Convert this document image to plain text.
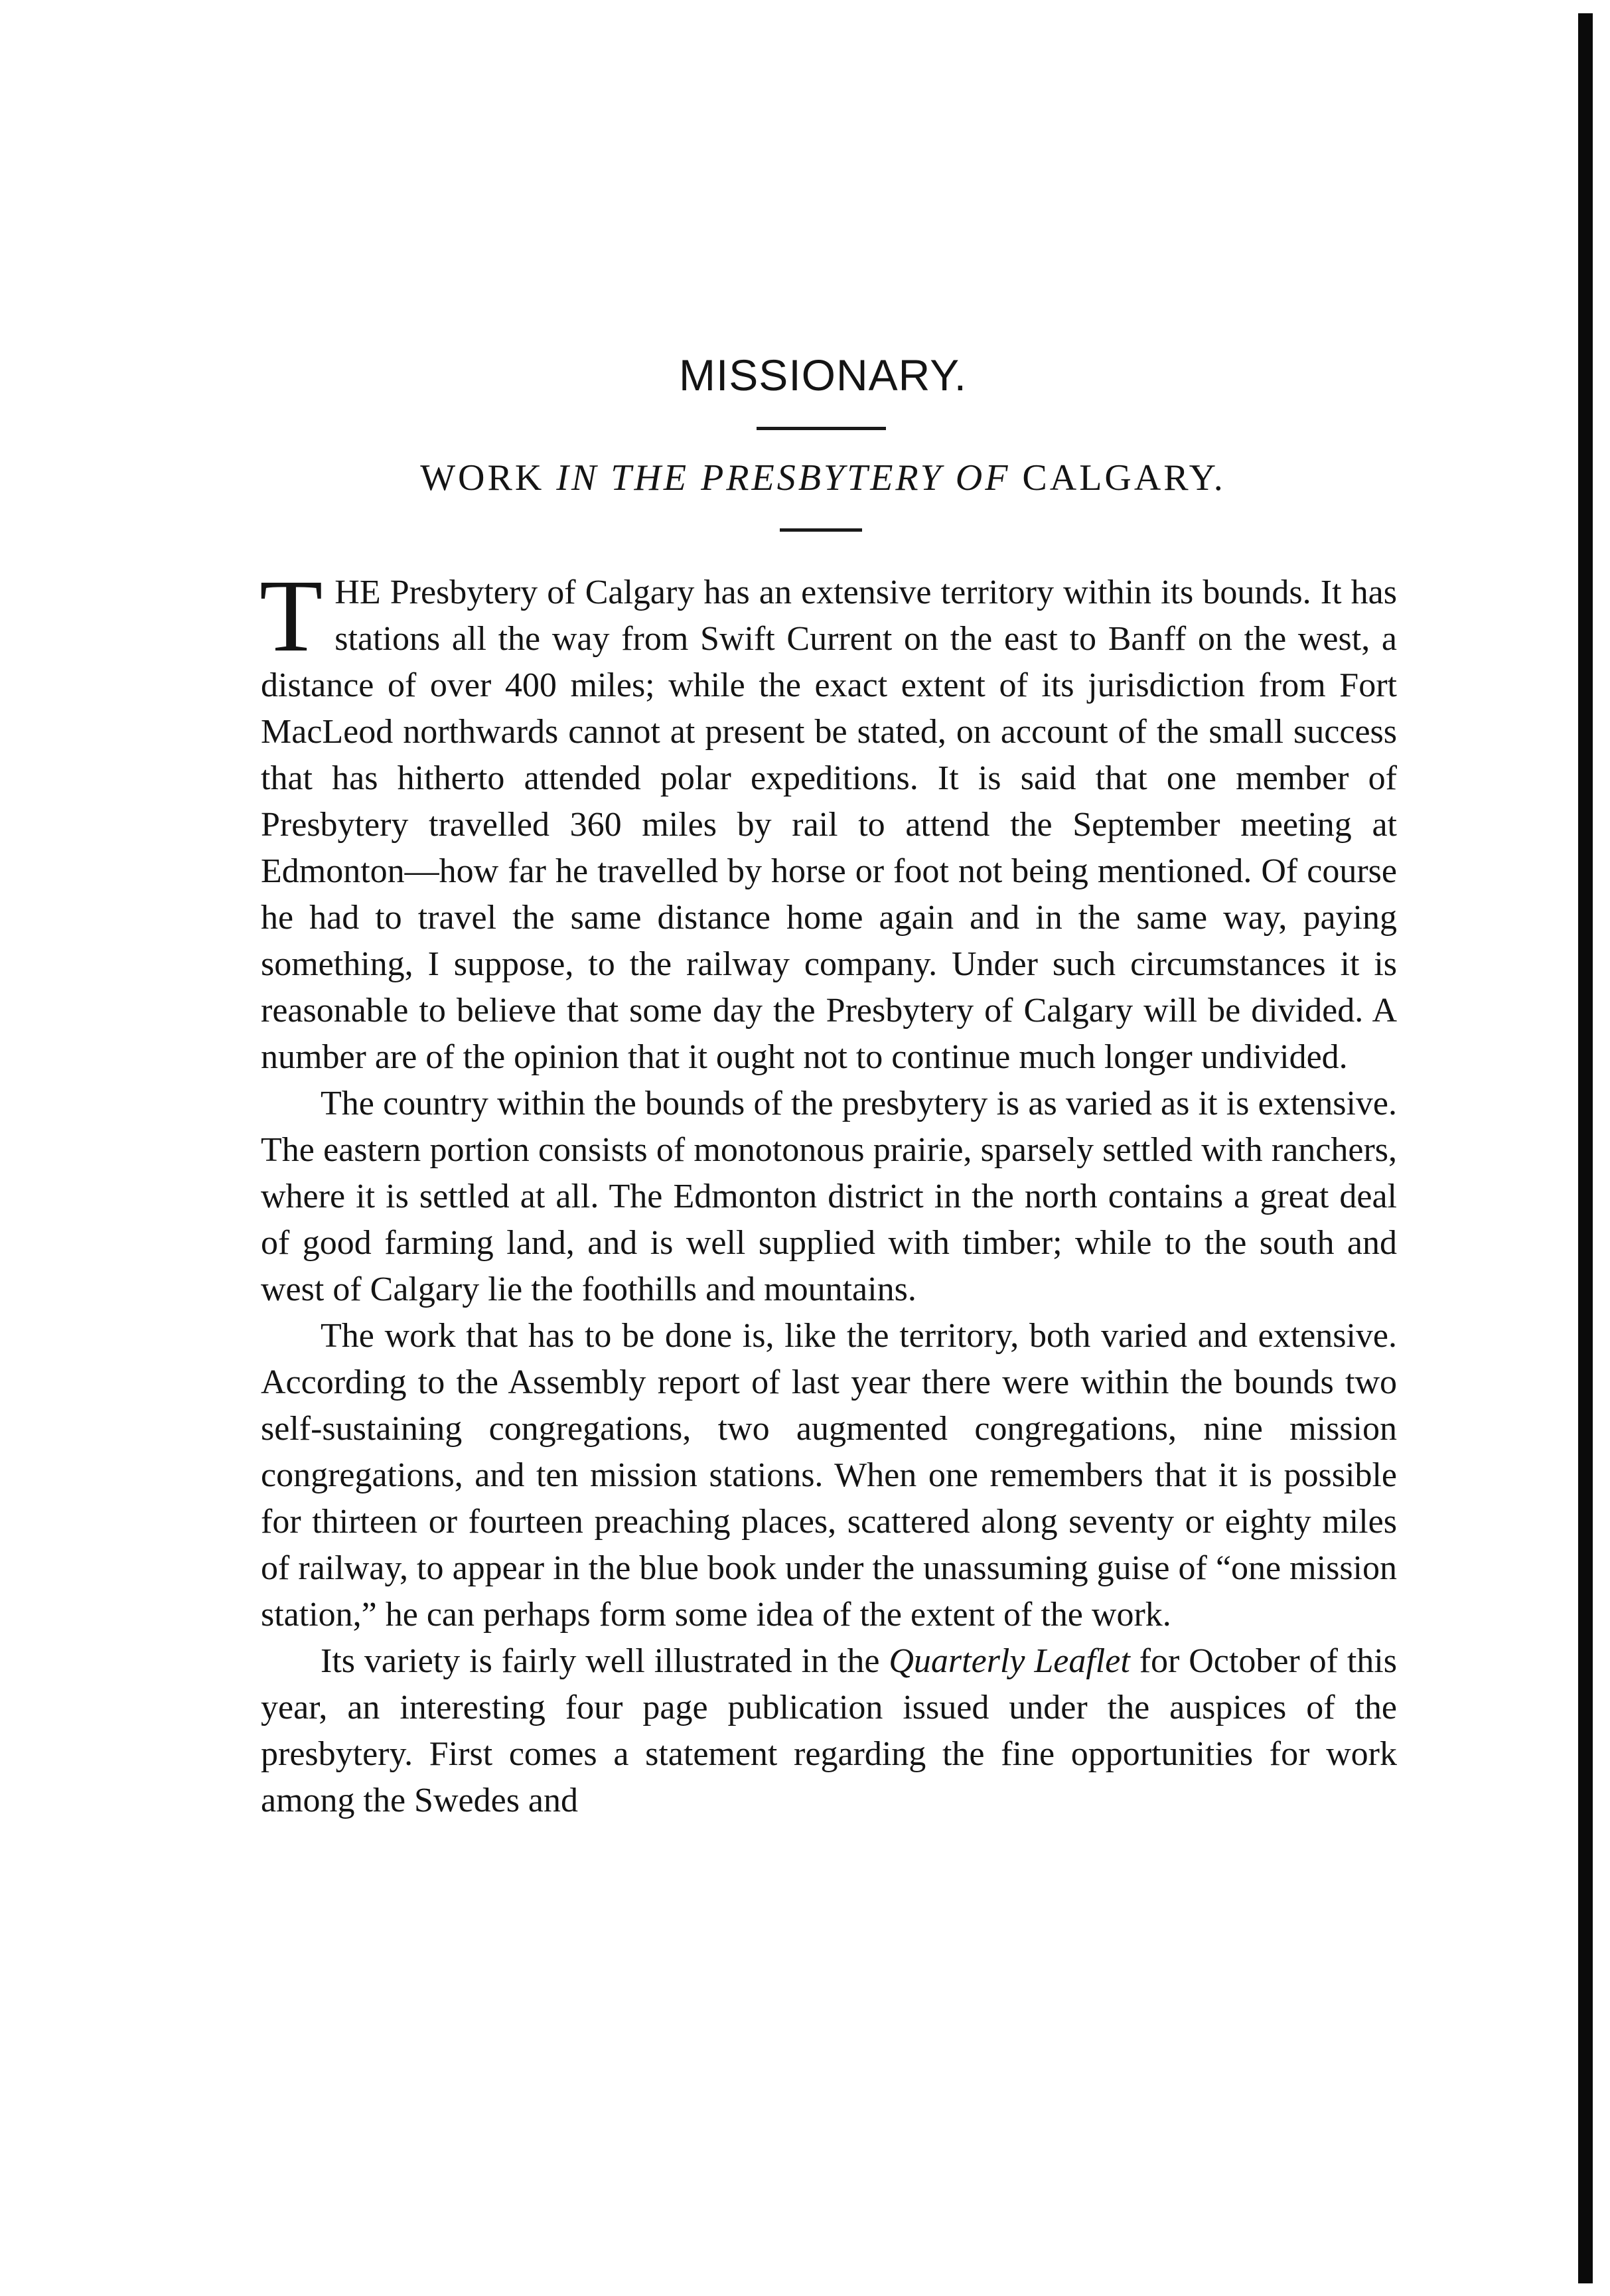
MISSIONARY.
WORK IN THE PRESBYTERY OF CALGARY.

THE Presbytery of Calgary has an extensive territory within its bounds. It has stations all the way from Swift Current on the east to Banff on the west, a distance of over 400 miles; while the exact extent of its jurisdiction from Fort MacLeod northwards cannot at present be stated, on account of the small success that has hitherto attended polar expeditions. It is said that one member of Presbytery travelled 360 miles by rail to attend the September meeting at Edmonton—how far he travelled by horse or foot not being mentioned. Of course he had to travel the same distance home again and in the same way, paying something, I suppose, to the railway company. Under such circumstances it is reasonable to believe that some day the Presbytery of Calgary will be divided. A number are of the opinion that it ought not to continue much longer undivided.

The country within the bounds of the presbytery is as varied as it is extensive. The eastern portion consists of monotonous prairie, sparsely settled with ranchers, where it is settled at all. The Edmonton district in the north contains a great deal of good farming land, and is well supplied with timber; while to the south and west of Calgary lie the foothills and mountains.

The work that has to be done is, like the territory, both varied and extensive. According to the Assembly report of last year there were within the bounds two self-sustaining congregations, two augmented congregations, nine mission congregations, and ten mission stations. When one remembers that it is possible for thirteen or fourteen preaching places, scattered along seventy or eighty miles of railway, to appear in the blue book under the unassuming guise of “one mission station,” he can perhaps form some idea of the extent of the work.

Its variety is fairly well illustrated in the Quarterly Leaflet for October of this year, an interesting four page publication issued under the auspices of the presbytery. First comes a statement regarding the fine opportunities for work among the Swedes and
